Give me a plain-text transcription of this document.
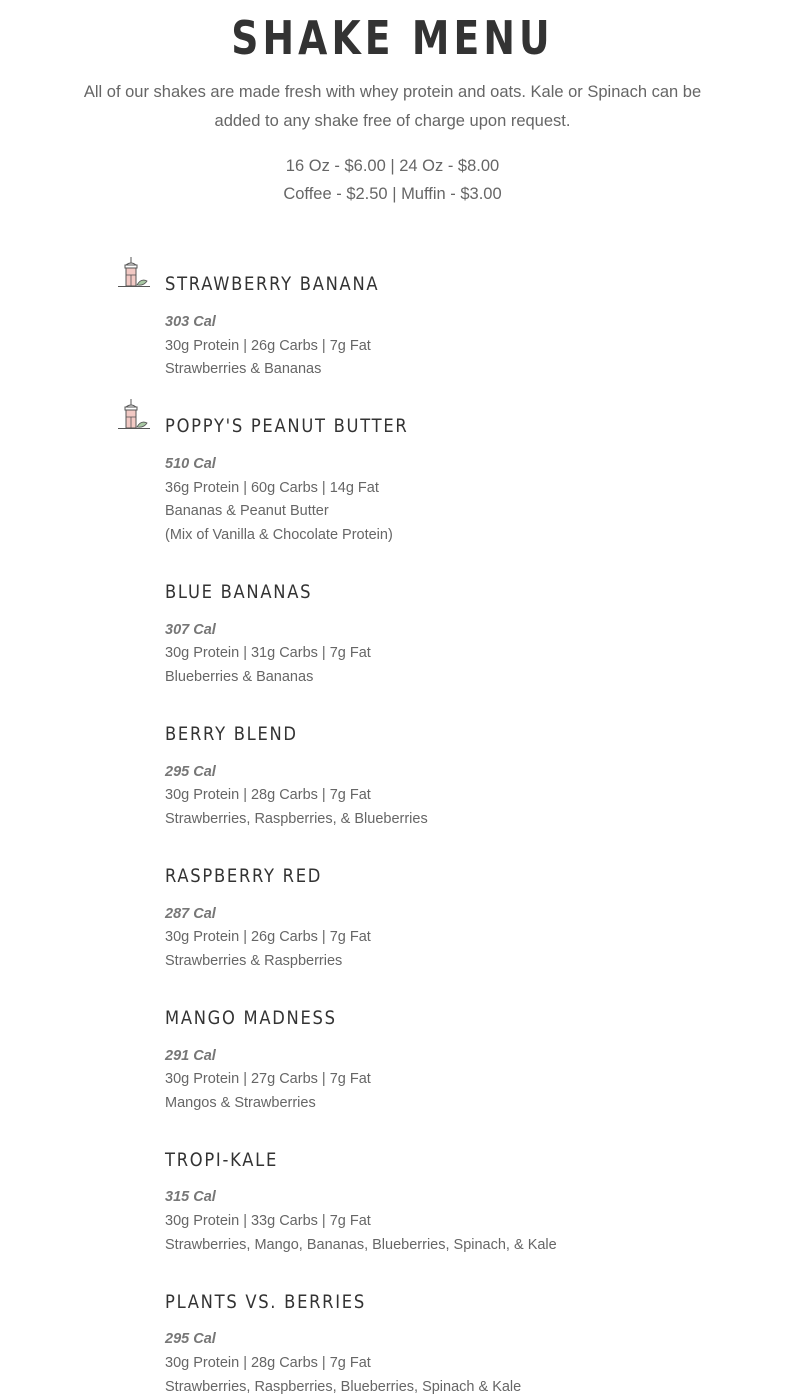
SHAKE MENU
All of our shakes are made fresh with whey protein and oats. Kale or Spinach can be added to any shake free of charge upon request.
16 Oz - $6.00 | 24 Oz - $8.00
Coffee - $2.50 | Muffin - $3.00
STRAWBERRY BANANA
303 Cal
30g Protein | 26g Carbs | 7g Fat
Strawberries & Bananas
POPPY'S PEANUT BUTTER
510 Cal
36g Protein | 60g Carbs | 14g Fat
Bananas & Peanut Butter
(Mix of Vanilla & Chocolate Protein)
BLUE BANANAS
307 Cal
30g Protein | 31g Carbs | 7g Fat
Blueberries & Bananas
BERRY BLEND
295 Cal
30g Protein | 28g Carbs | 7g Fat
Strawberries, Raspberries, & Blueberries
RASPBERRY RED
287 Cal
30g Protein | 26g Carbs | 7g Fat
Strawberries & Raspberries
MANGO MADNESS
291 Cal
30g Protein | 27g Carbs | 7g Fat
Mangos & Strawberries
TROPI-KALE
315 Cal
30g Protein | 33g Carbs | 7g Fat
Strawberries, Mango, Bananas, Blueberries, Spinach, & Kale
PLANTS VS. BERRIES
295 Cal
30g Protein | 28g Carbs | 7g Fat
Strawberries, Raspberries, Blueberries, Spinach & Kale
